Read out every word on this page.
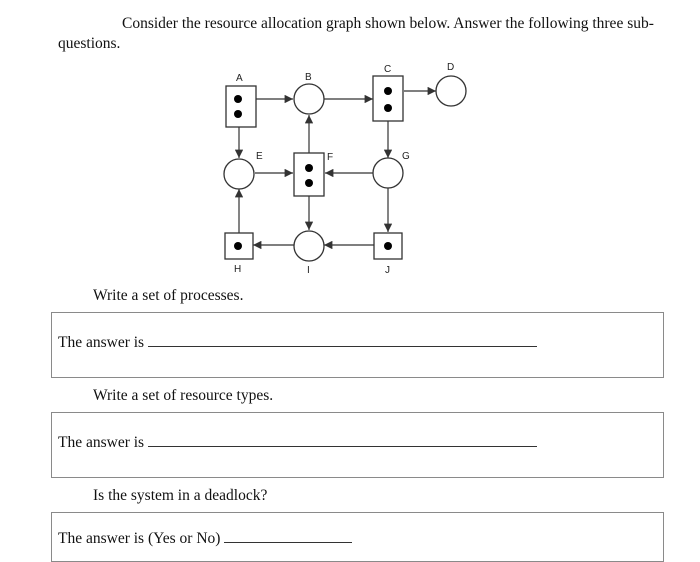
Consider the resource allocation graph shown below. Answer the following three sub-
questions.
A	B
C	D
E	F	G
H	I	J
Write a set of processes.
The answer is
Write a set of resource types.
The answer is
Is the system in a deadlock?
The answer is (Yes or No)
